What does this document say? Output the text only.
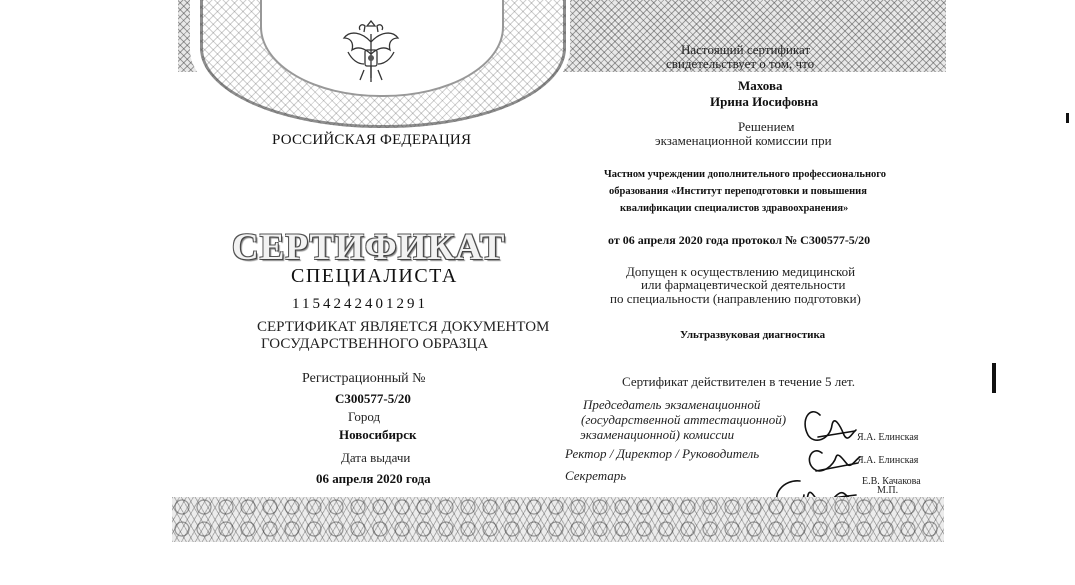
РОССИЙСКАЯ ФЕДЕРАЦИЯ
СЕРТИФИКАТ
СПЕЦИАЛИСТА
1154242401291
СЕРТИФИКАТ ЯВЛЯЕТСЯ ДОКУМЕНТОМ
ГОСУДАРСТВЕННОГО ОБРАЗЦА
Регистрационный №
С300577-5/20
Город
Новосибирск
Дата выдачи
06 апреля 2020 года
Настоящий сертификат
свидетельствует о том, что
Махова
Ирина Иосифовна
Решением
экзаменационной комиссии при
Частном учреждении дополнительного профессионального
образования «Институт переподготовки и повышения
квалификации специалистов здравоохранения»
от 06 апреля 2020 года протокол № С300577-5/20
Допущен к осуществлению медицинской
или фармацевтической деятельности
по специальности (направлению подготовки)
Ультразвуковая диагностика
Сертификат действителен в течение 5 лет.
Председатель экзаменационной
(государственной аттестационной)
экзаменационной) комиссии
Ректор / Директор / Руководитель
Секретарь
Я.А. Елинская
Я.А. Елинская
Е.В. Качакова
М.П.
